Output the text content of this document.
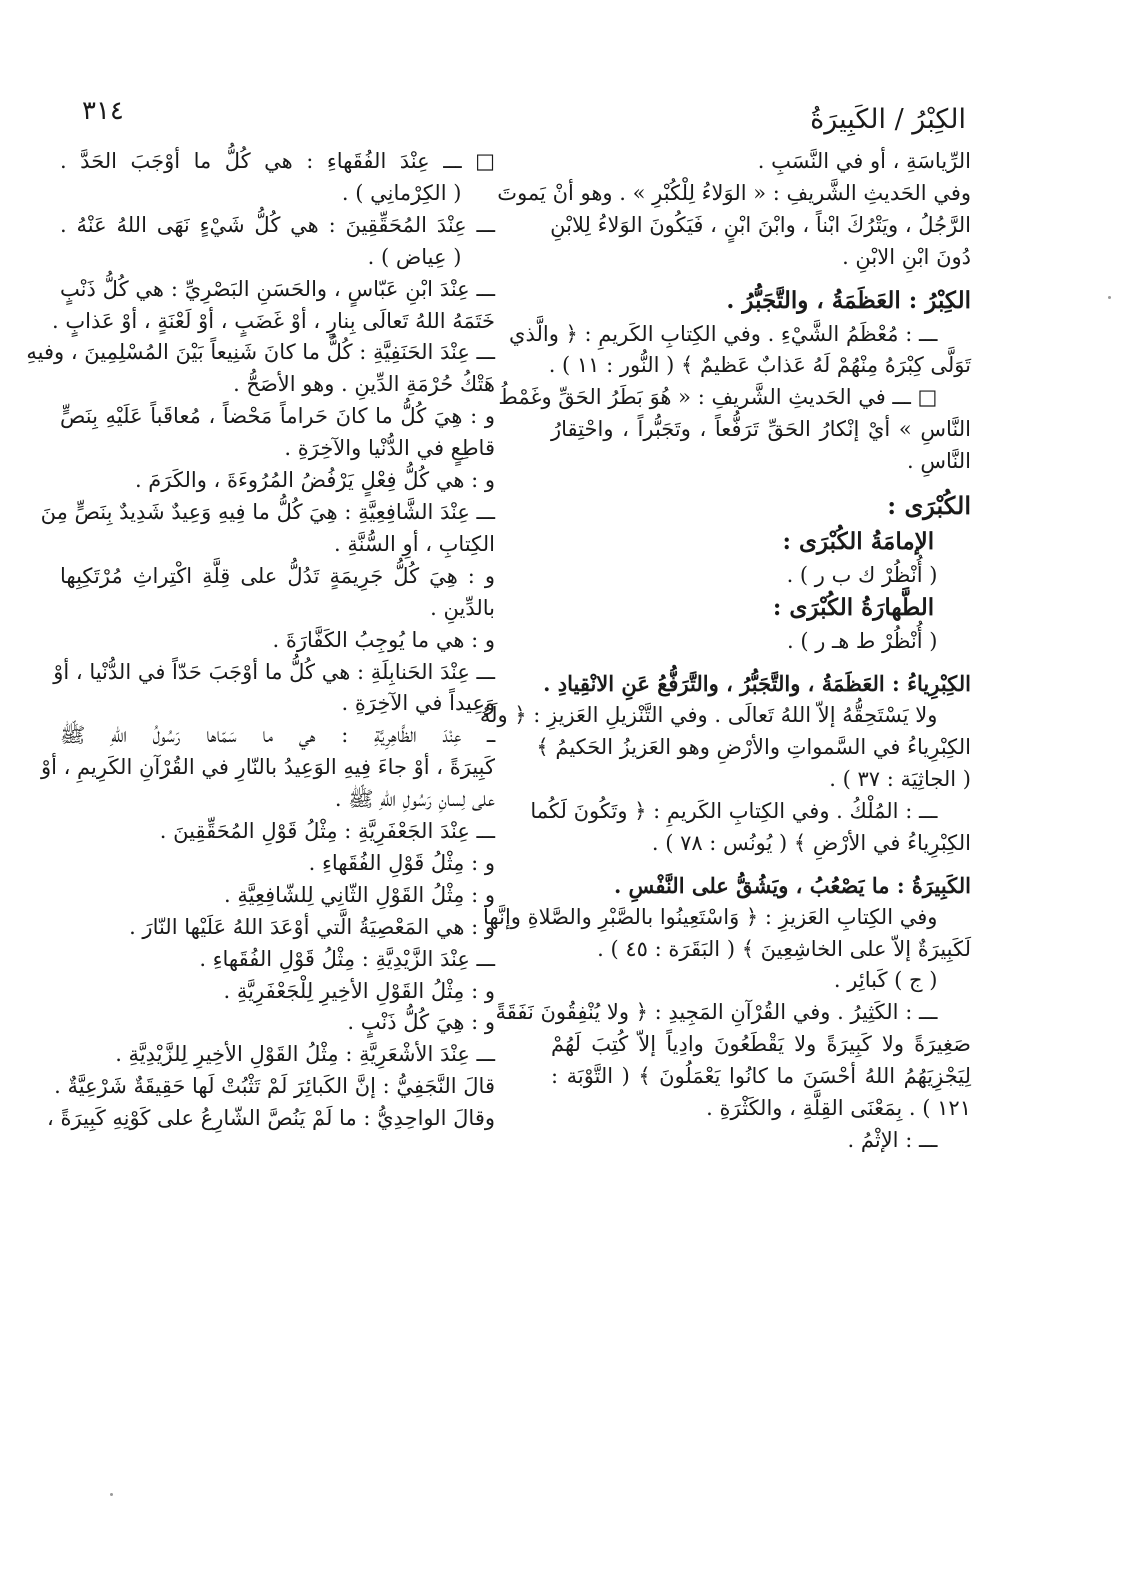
٣١٤	الكِبْرُ / الكَبِيرَةُ
الرِّياسَةِ ، أو في النَّسَبِ .
وفي الحَديثِ الشَّريفِ : « الوَلاءُ لِلْكُبْرِ » . وهو أنْ يَموتَ
الرَّجُلُ ، ويَتْرُكَ ابْناً ، وابْنَ ابْنٍ ، فَيَكُونَ الوَلاءُ لِلابْنِ
دُونَ ابْنِ الابْنِ .
الكِبْرُ : العَظَمَةُ ، والتَّجَبُّرُ .
ـــ : مُعْظَمُ الشَّيْءِ . وفي الكِتابِ الكَريمِ : ﴿ والَّذي
تَوَلَّى كِبْرَهُ مِنْهُمْ لَهُ عَذابٌ عَظيمٌ ﴾ ( النُّور : ١١ ) .
□ ـــ في الحَديثِ الشَّريفِ : « هُوَ بَطَرُ الحَقِّ وغَمْطُ
النَّاسِ » أيْ إنْكارُ الحَقِّ تَرَفُّعاً ، وتَجَبُّراً ، واحْتِقارُ
النَّاسِ .
الكُبْرَى :
الإمامَةُ الكُبْرَى :
( أُنْظُرْ ك ب ر ) .
الطَّهارَةُ الكُبْرَى :
( أُنْظُرْ ط هـ ر ) .
الكِبْرِياءُ : العَظَمَةُ ، والتَّجَبُّرُ ، والتَّرَفُّعُ عَنِ الانْقِيادِ .
ولا يَسْتَحِقُّهُ إلاّ اللهُ تَعالَى . وفي التَّنْزيلِ العَزيزِ : ﴿ ولَهُ
الكِبْرِياءُ في السَّمواتِ والأرْضِ وهو العَزيزُ الحَكيمُ ﴾
( الجاثِيَة : ٣٧ ) .
ـــ : المُلْكُ . وفي الكِتابِ الكَريمِ : ﴿ وتَكُونَ لَكُما
الكِبْرِياءُ في الأرْضِ ﴾ ( يُونُس : ٧٨ ) .
الكَبِيرَةُ : ما يَصْعُبُ ، ويَشُقُّ على النَّفْسِ .
وفي الكِتابِ العَزيزِ : ﴿ وَاسْتَعِينُوا بالصَّبْرِ والصَّلاةِ وإنَّها
لَكَبِيرَةٌ إلاّ على الخاشِعِينَ ﴾ ( البَقَرَة : ٤٥ ) .
( ج ) كَبائِر .
ـــ : الكَثِيرُ . وفي القُرْآنِ المَجِيدِ : ﴿ ولا يُنْفِقُونَ نَفَقَةً
صَغِيرَةً ولا كَبِيرَةً ولا يَقْطَعُونَ وادِياً إلاّ كُتِبَ لَهُمْ
لِيَجْزِيَهُمُ اللهُ أحْسَنَ ما كانُوا يَعْمَلُونَ ﴾ ( التَّوْبَة :
١٢١ ) . بِمَعْنَى القِلَّةِ ، والكَثْرَةِ .
ـــ : الإثْمُ .
□ ـــ عِنْدَ الفُقَهاءِ : هي كُلُّ ما أوْجَبَ الحَدَّ .
( الكِرْمانِي ) .
ـــ عِنْدَ المُحَقِّقِينَ : هي كُلُّ شَيْءٍ نَهَى اللهُ عَنْهُ .
( عِياض ) .
ـــ عِنْدَ ابْنِ عَبّاسٍ ، والحَسَنِ البَصْرِيِّ : هي كُلُّ ذَنْبٍ
خَتَمَهُ اللهُ تَعالَى بِنارٍ ، أوْ غَضَبٍ ، أوْ لَعْنَةٍ ، أوْ عَذابٍ .
ـــ عِنْدَ الحَنَفِيَّةِ : كُلُّ ما كانَ شَنِيعاً بَيْنَ المُسْلِمِينَ ، وفيهِ
هَتْكُ حُرْمَةِ الدِّينِ . وهو الأصَحُّ .
و : هِيَ كُلُّ ما كانَ حَراماً مَحْضاً ، مُعاقَباً عَلَيْهِ بِنَصٍّ
قاطِعٍ في الدُّنْيا والآخِرَةِ .
و : هي كُلُّ فِعْلٍ يَرْفُضُ المُرُوءَةَ ، والكَرَمَ .
ـــ عِنْدَ الشَّافِعِيَّةِ : هِيَ كُلُّ ما فِيهِ وَعِيدٌ شَدِيدٌ بِنَصٍّ مِنَ
الكِتابِ ، أوِ السُّنَّةِ .
و : هِيَ كُلُّ جَرِيمَةٍ تَدُلُّ على قِلَّةِ اكْتِراثِ مُرْتَكِبِها
بالدِّينِ .
و : هي ما يُوجِبُ الكَفَّارَةَ .
ـــ عِنْدَ الحَنابِلَةِ : هي كُلُّ ما أوْجَبَ حَدّاً في الدُّنْيا ، أوْ
وَعِيداً في الآخِرَةِ .
ـــ عِنْدَ الظَّاهِرِيَّةِ : هي ما سَمّاها رَسُولُ اللهِ ﷺ
كَبِيرَةً ، أوْ جاءَ فِيهِ الوَعِيدُ بالنّارِ في القُرْآنِ الكَرِيمِ ، أوْ
على لِسانِ رَسُولِ اللهِ ﷺ .
ـــ عِنْدَ الجَعْفَرِيَّةِ : مِثْلُ قَوْلِ المُحَقِّقِينَ .
و : مِثْلُ قَوْلِ الفُقَهاءِ .
و : مِثْلُ القَوْلِ الثّانِي لِلشّافِعِيَّةِ .
و : هي المَعْصِيَةُ الَّتي أوْعَدَ اللهُ عَلَيْها النّارَ .
ـــ عِنْدَ الزَّيْدِيَّةِ : مِثْلُ قَوْلِ الفُقَهاءِ .
و : مِثْلُ القَوْلِ الأخِيرِ لِلْجَعْفَرِيَّةِ .
و : هِيَ كُلُّ ذَنْبٍ .
ـــ عِنْدَ الأشْعَرِيَّةِ : مِثْلُ القَوْلِ الأخِيرِ لِلزَّيْدِيَّةِ .
قالَ النَّجَفِيُّ : إنَّ الكَبائِرَ لَمْ تَثْبُتْ لَها حَقِيقَةٌ شَرْعِيَّةٌ .
وقالَ الواحِدِيُّ : ما لَمْ يَنُصَّ الشّارِعُ على كَوْنِهِ كَبِيرَةً ،
